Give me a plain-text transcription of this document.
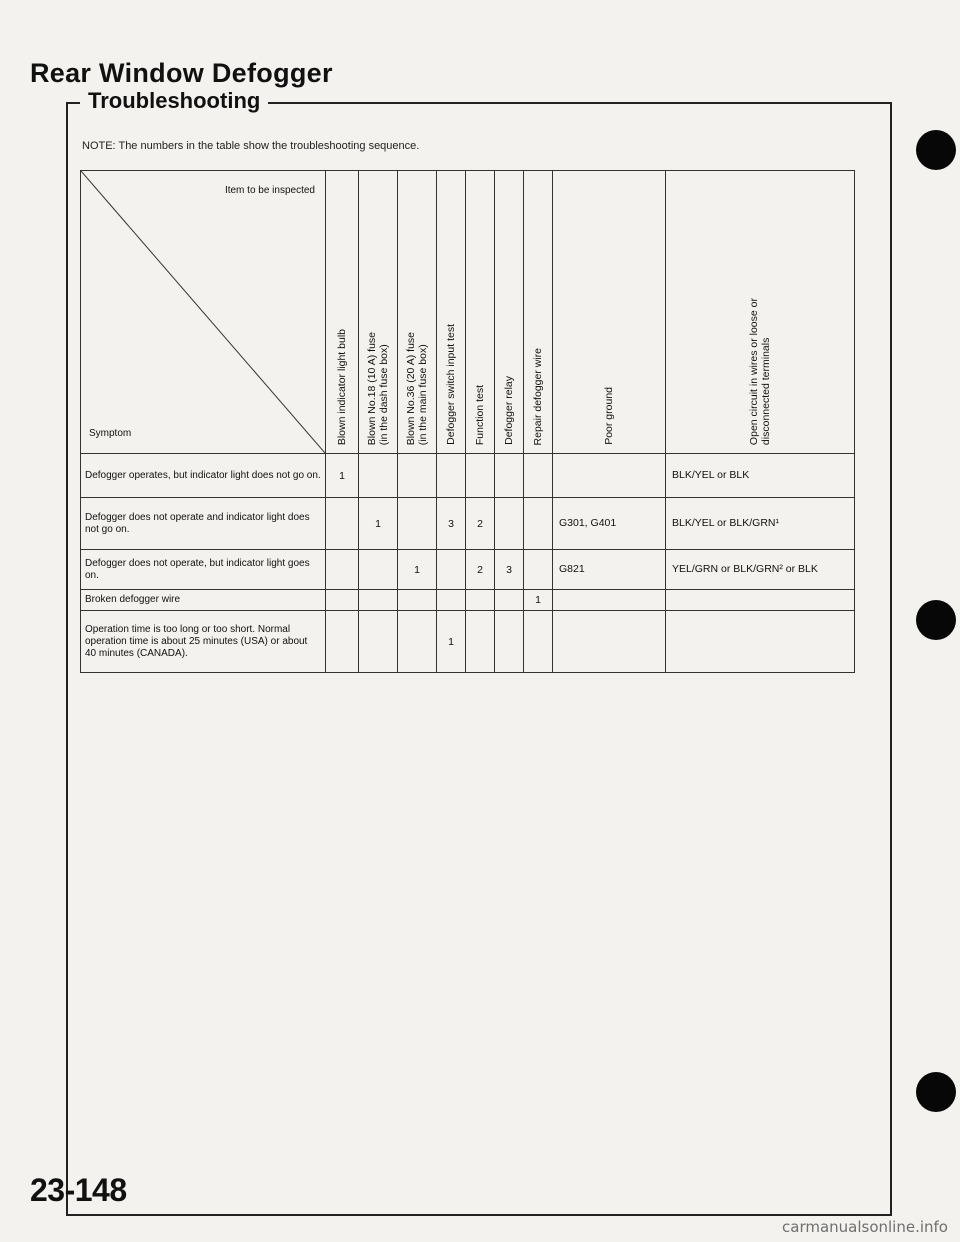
Rear Window Defogger
Troubleshooting
NOTE: The numbers in the table show the troubleshooting sequence.
Item to be inspected
Symptom	Blown indicator light bulb	Blown No.18 (10 A) fuse
(in the dash fuse box)	Blown No.36 (20 A) fuse
(in the main fuse box)	Defogger switch input test	Function test	Defogger relay	Repair defogger wire	Poor ground	Open circuit in wires or loose or
disconnected terminals

Defogger operates, but indicator light does not go on.	1								BLK/YEL or BLK
Defogger does not operate and indicator light does not go on.		1		3	2			G301, G401	BLK/YEL or BLK/GRN¹
Defogger does not operate, but indicator light goes on.			1		2	3		G821	YEL/GRN or BLK/GRN² or BLK
Broken defogger wire							1		
Operation time is too long or too short. Normal operation time is about 25 minutes (USA) or about 40 minutes (CANADA).				1					
23-148
carmanualsonline.info
